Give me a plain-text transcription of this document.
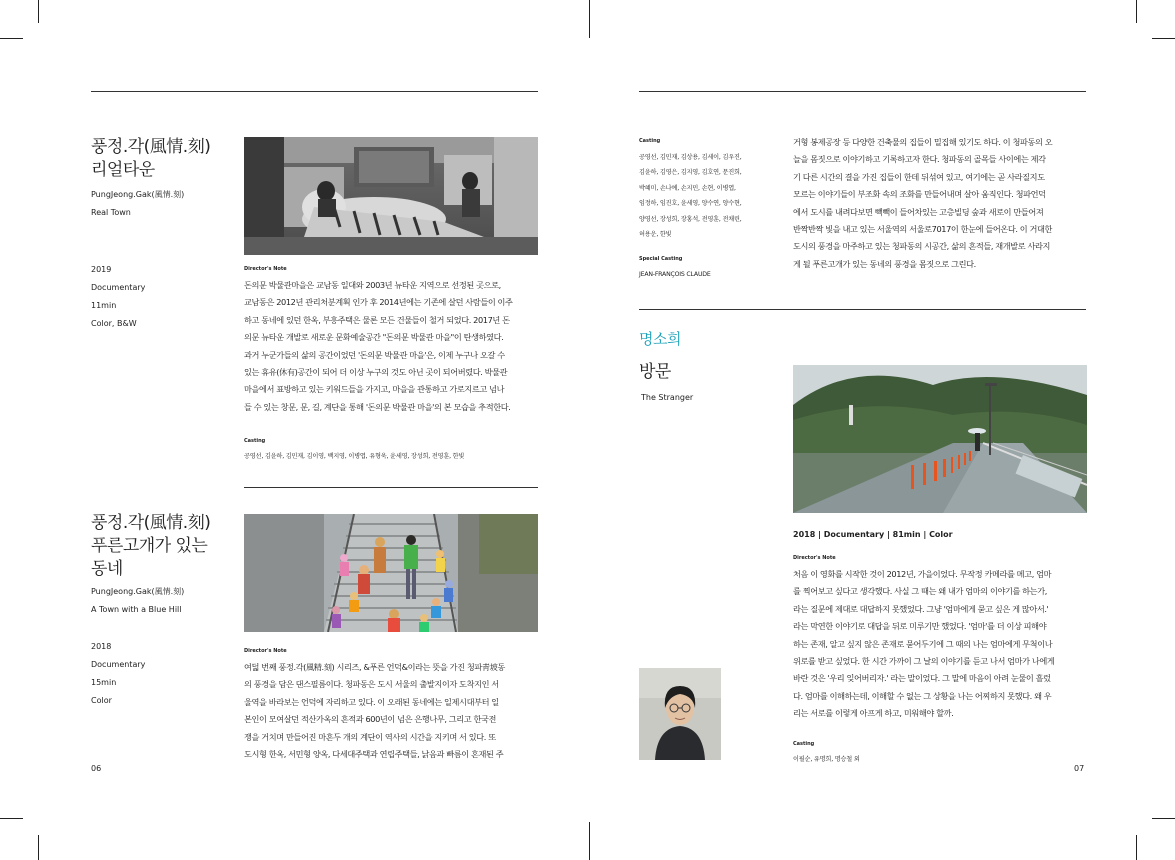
풍정.각(風情.刻)
리얼타운
PungJeong.Gak(風情.刻)
Real Town
2019
Documentary
11min
Color, B&W
Director's Note
돈의문 박물관마을은 교남동 일대와 2003년 뉴타운 지역으로 선정된 곳으로,
교남동은 2012년 관리처분계획 인가 후 2014년에는 기존에 살던 사람들이 이주
하고 동네에 있던 한옥, 부흥주택은 물론 모든 건물들이 철거 되었다. 2017년 돈
의문 뉴타운 개발로 새로운 문화예술공간 "돈의문 박물관 마을"이 탄생하였다.
과거 누군가들의 삶의 공간이었던 '돈의문 박물관 마을'은, 이제 누구나 오갈 수
있는 휴유(休有)공간이 되어 더 이상 누구의 것도 아닌 곳이 되어버렸다. 박물관
마을에서 표방하고 있는 키워드들을 가지고, 마을을 관통하고 가로지르고 넘나
들 수 있는 창문, 문, 길, 계단을 통해 '돈의문 박물관 마을'의 본 모습을 추적한다.
Casting
공영선, 김윤하, 김민재, 김이영, 백지영, 이병엽, 유형욱, 윤세영, 장성희, 전영훈, 한빛
풍정.각(風情.刻)
푸른고개가 있는
동네
PungJeong.Gak(風情.刻)
A Town with a Blue Hill
2018
Documentary
15min
Color
Director's Note
여덟 번째 풍정.각(風精.刻) 시리즈, &푸른 언덕&이라는 뜻을 가진 청파靑坡동
의 풍경을 담은 댄스필름이다. 청파동은 도시 서울의 출발지이자 도착지인 서
울역을 바라보는 언덕에 자리하고 있다. 이 오래된 동네에는 일제시대부터 일
본인이 모여살던 적산가옥의 흔적과 600년이 넘은 은행나무, 그리고 한국전
쟁을 거치며 만들어진 마흔두 개의 계단이 역사의 시간을 지키며 서 있다. 또
도시형 한옥, 서민형 양옥, 다세대주택과 연립주택들, 낡음과 빠름이 혼재된 주
06
Casting
공영선, 김민재, 김상용, 김세이, 김우진,
김윤하, 김영은, 김지영, 김호연, 문진희,
박혜미, 손나예, 손지민, 손현, 이병엽,
임정하, 임진호, 윤세영, 양수연, 양수현,
양영선, 장성희, 장홍석, 전영훈, 전채린,
허용운, 한빛
Special Casting
JEAN-FRANÇOIS CLAUDE
거형 봉제공장 등 다양한 건축물의 집들이 밀집해 있기도 하다. 이 청파동의 오
늘을 몸짓으로 이야기하고 기록하고자 한다. 청파동의 골목들 사이에는 제각
기 다른 시간의 결을 가진 집들이 한데 뒤섞여 있고, 여기에는 곧 사라질지도
모르는 이야기들이 부조화 속의 조화를 만들어내며 살아 움직인다. 청파언덕
에서 도시를 내려다보면 빽빽이 들어차있는 고층빌딩 숲과 새로이 만들어져
반짝반짝 빛을 내고 있는 서울역의 서울로7017이 한눈에 들어온다. 이 거대한
도시의 풍경을 마주하고 있는 청파동의 시공간, 삶의 흔적들, 재개발로 사라지
게 될 푸른고개가 있는 동네의 풍경을 몸짓으로 그린다.
명소희
방문
The Stranger
2018 | Documentary | 81min | Color
Director's Note
처음 이 영화를 시작한 것이 2012년, 가을이었다. 무작정 카메라를 메고, 엄마
를 찍어보고 싶다고 생각했다. 사실 그 때는 왜 내가 엄마의 이야기를 하는가,
라는 질문에 제대로 대답하지 못했었다. 그냥 '엄마에게 묻고 싶은 게 많아서.'
라는 막연한 이야기로 대답을 뒤로 미루기만 했었다. '엄마'를 더 이상 피해야
하는 존재, 알고 싶지 않은 존재로 묻어두기에 그 때의 나는 엄마에게 무척이나
위로를 받고 싶었다. 한 시간 가까이 그 날의 이야기를 듣고 나서 엄마가 나에게
바란 것은 '우리 잊어버리자.' 라는 말이었다. 그 말에 마음이 아려 눈물이 흘렀
다. 엄마를 이해하는데, 이해할 수 없는 그 상황을 나는 어찌하지 못했다. 왜 우
리는 서로를 이렇게 아프게 하고, 미워해야 할까.
Casting
이필순, 유명희, 명승철 외
07
